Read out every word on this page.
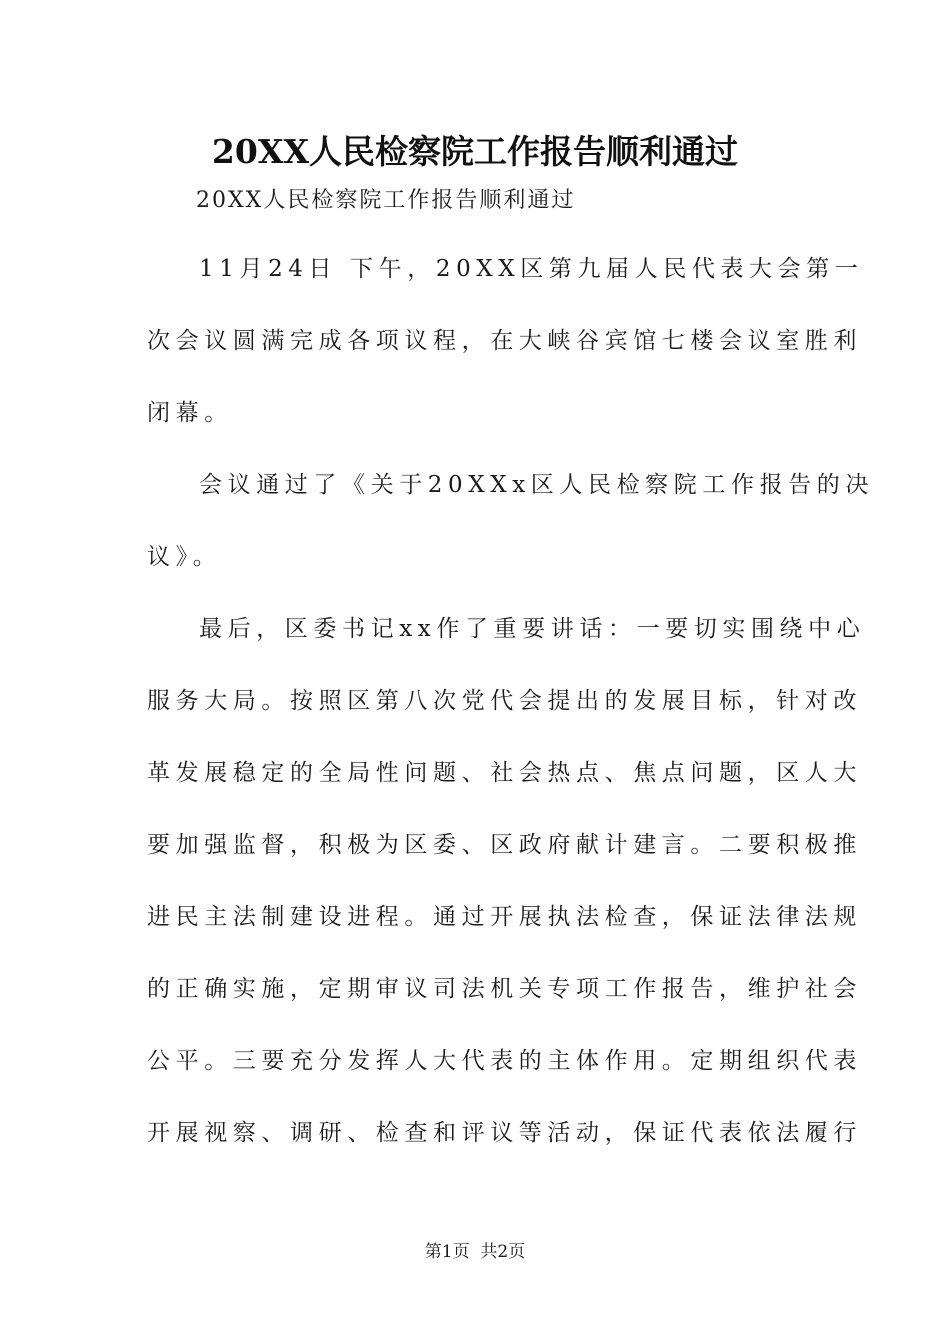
20XX人民检察院工作报告顺利通过
20XX人民检察院工作报告顺利通过
11月24日 下午，20XX区第九届人民代表大会第一
次会议圆满完成各项议程，在大峡谷宾馆七楼会议室胜利
闭幕。
会议通过了《关于20XXx区人民检察院工作报告的决
议》。
最后，区委书记xx作了重要讲话：一要切实围绕中心
服务大局。按照区第八次党代会提出的发展目标，针对改
革发展稳定的全局性问题、社会热点、焦点问题，区人大
要加强监督，积极为区委、区政府献计建言。二要积极推
进民主法制建设进程。通过开展执法检查，保证法律法规
的正确实施，定期审议司法机关专项工作报告，维护社会
公平。三要充分发挥人大代表的主体作用。定期组织代表
开展视察、调研、检查和评议等活动，保证代表依法履行
第1页  共2页
